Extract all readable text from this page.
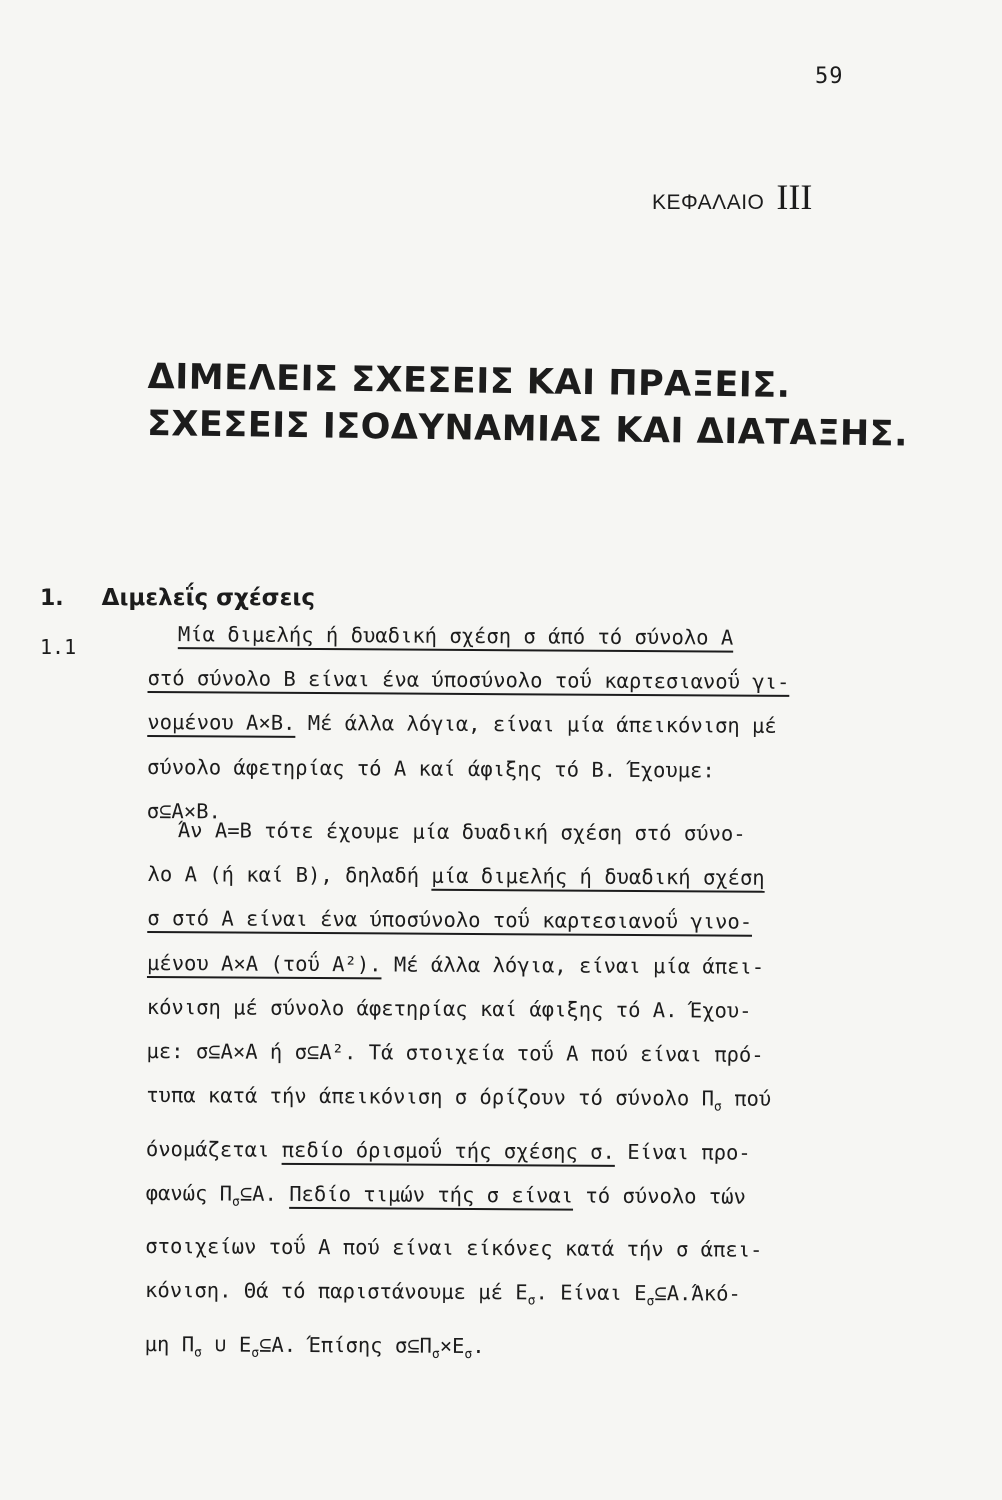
59
ΚΕΦΑΛΑΙΟ III
ΔΙΜΕΛΕΙΣ ΣΧΕΣΕΙΣ ΚΑΙ ΠΡΑΞΕΙΣ.
ΣΧΕΣΕΙΣ ΙΣΟΔΥΝΑΜΙΑΣ ΚΑΙ ΔΙΑΤΑΞΗΣ.
1. Διμελεΐς σχέσεις
1.1	Μία διμελής ή δυαδική σχέση σ άπό τό σύνολο Α
στό σύνολο Β είναι ένα ύποσύνολο τοΰ καρτεσιανοΰ γι-
νομένου Α×Β. Μέ άλλα λόγια, είναι μία άπεικόνιση μέ
σύνολο άφετηρίας τό Α καί άφιξης τό Β. Έχουμε:
σ⊆Α×Β.
Άν Α=Β τότε έχουμε μία δυαδική σχέση στό σύνο-
λο Α (ή καί Β), δηλαδή μία διμελής ή δυαδική σχέση
σ στό Α είναι ένα ύποσύνολο τοΰ καρτεσιανοΰ γινο-
μένου Α×Α (τοΰ Α²). Μέ άλλα λόγια, είναι μία άπει-
κόνιση μέ σύνολο άφετηρίας καί άφιξης τό Α. Έχου-
με: σ⊆Α×Α ή σ⊆Α². Τά στοιχεία τοΰ Α πού είναι πρό-
τυπα κατά τήν άπεικόνιση σ όρίζουν τό σύνολο $\Pi_\sigma$ πού
όνομάζεται πεδίο όρισμοΰ τής σχέσης σ. Είναι προ-
φανώς $\Pi_\sigma⊆A$. Πεδίο τιμών τής σ είναι τό σύνολο τών
στοιχείων τοΰ Α πού είναι είκόνες κατά τήν σ άπει-
κόνιση. Θά τό παριστάνουμε μέ $E_\sigma$. Είναι $E_\sigma⊆A.Ά\kappa ό-$
μη $\Pi_\sigma$ ∪ $E_\sigma⊆A$. Έπίσης $\sigma⊆\Pi_\sigma\times E_\sigma$.
